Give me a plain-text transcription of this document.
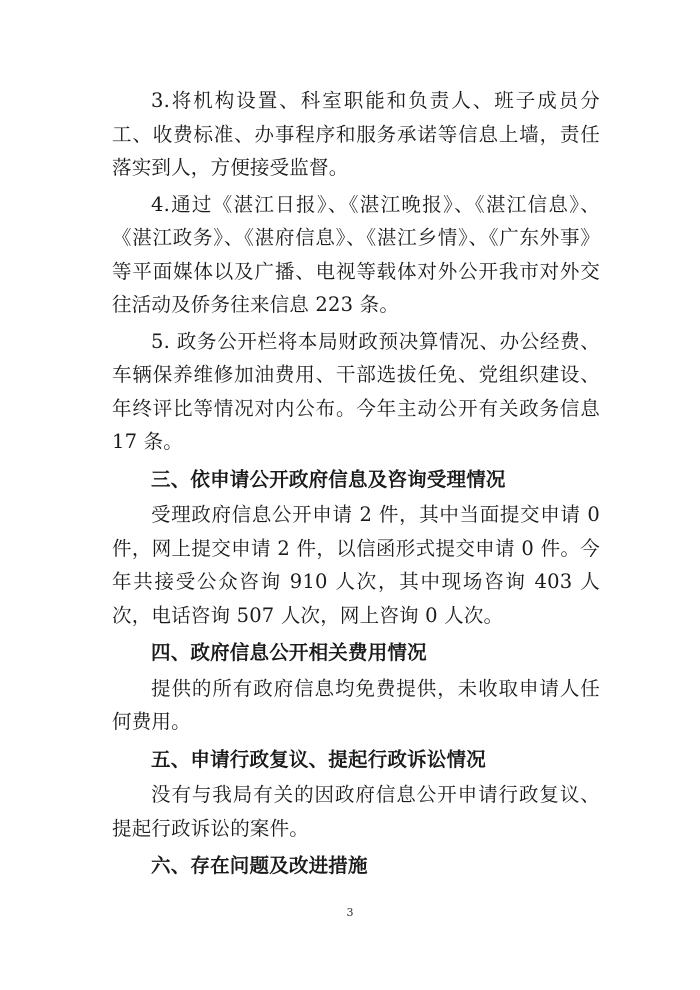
3.将机构设置、科室职能和负责人、班子成员分工、收费标准、办事程序和服务承诺等信息上墙，责任落实到人，方便接受监督。

4.通过《湛江日报》、《湛江晚报》、《湛江信息》、《湛江政务》、《湛府信息》、《湛江乡情》、《广东外事》等平面媒体以及广播、电视等载体对外公开我市对外交往活动及侨务往来信息 223 条。

5. 政务公开栏将本局财政预决算情况、办公经费、车辆保养维修加油费用、干部选拔任免、党组织建设、年终评比等情况对内公布。今年主动公开有关政务信息 17 条。

三、依申请公开政府信息及咨询受理情况

受理政府信息公开申请 2 件，其中当面提交申请 0 件，网上提交申请 2 件，以信函形式提交申请 0 件。今年共接受公众咨询 910 人次，其中现场咨询 403 人次，电话咨询 507 人次，网上咨询 0 人次。

四、政府信息公开相关费用情况

提供的所有政府信息均免费提供，未收取申请人任何费用。

五、申请行政复议、提起行政诉讼情况

没有与我局有关的因政府信息公开申请行政复议、提起行政诉讼的案件。

六、存在问题及改进措施
3
